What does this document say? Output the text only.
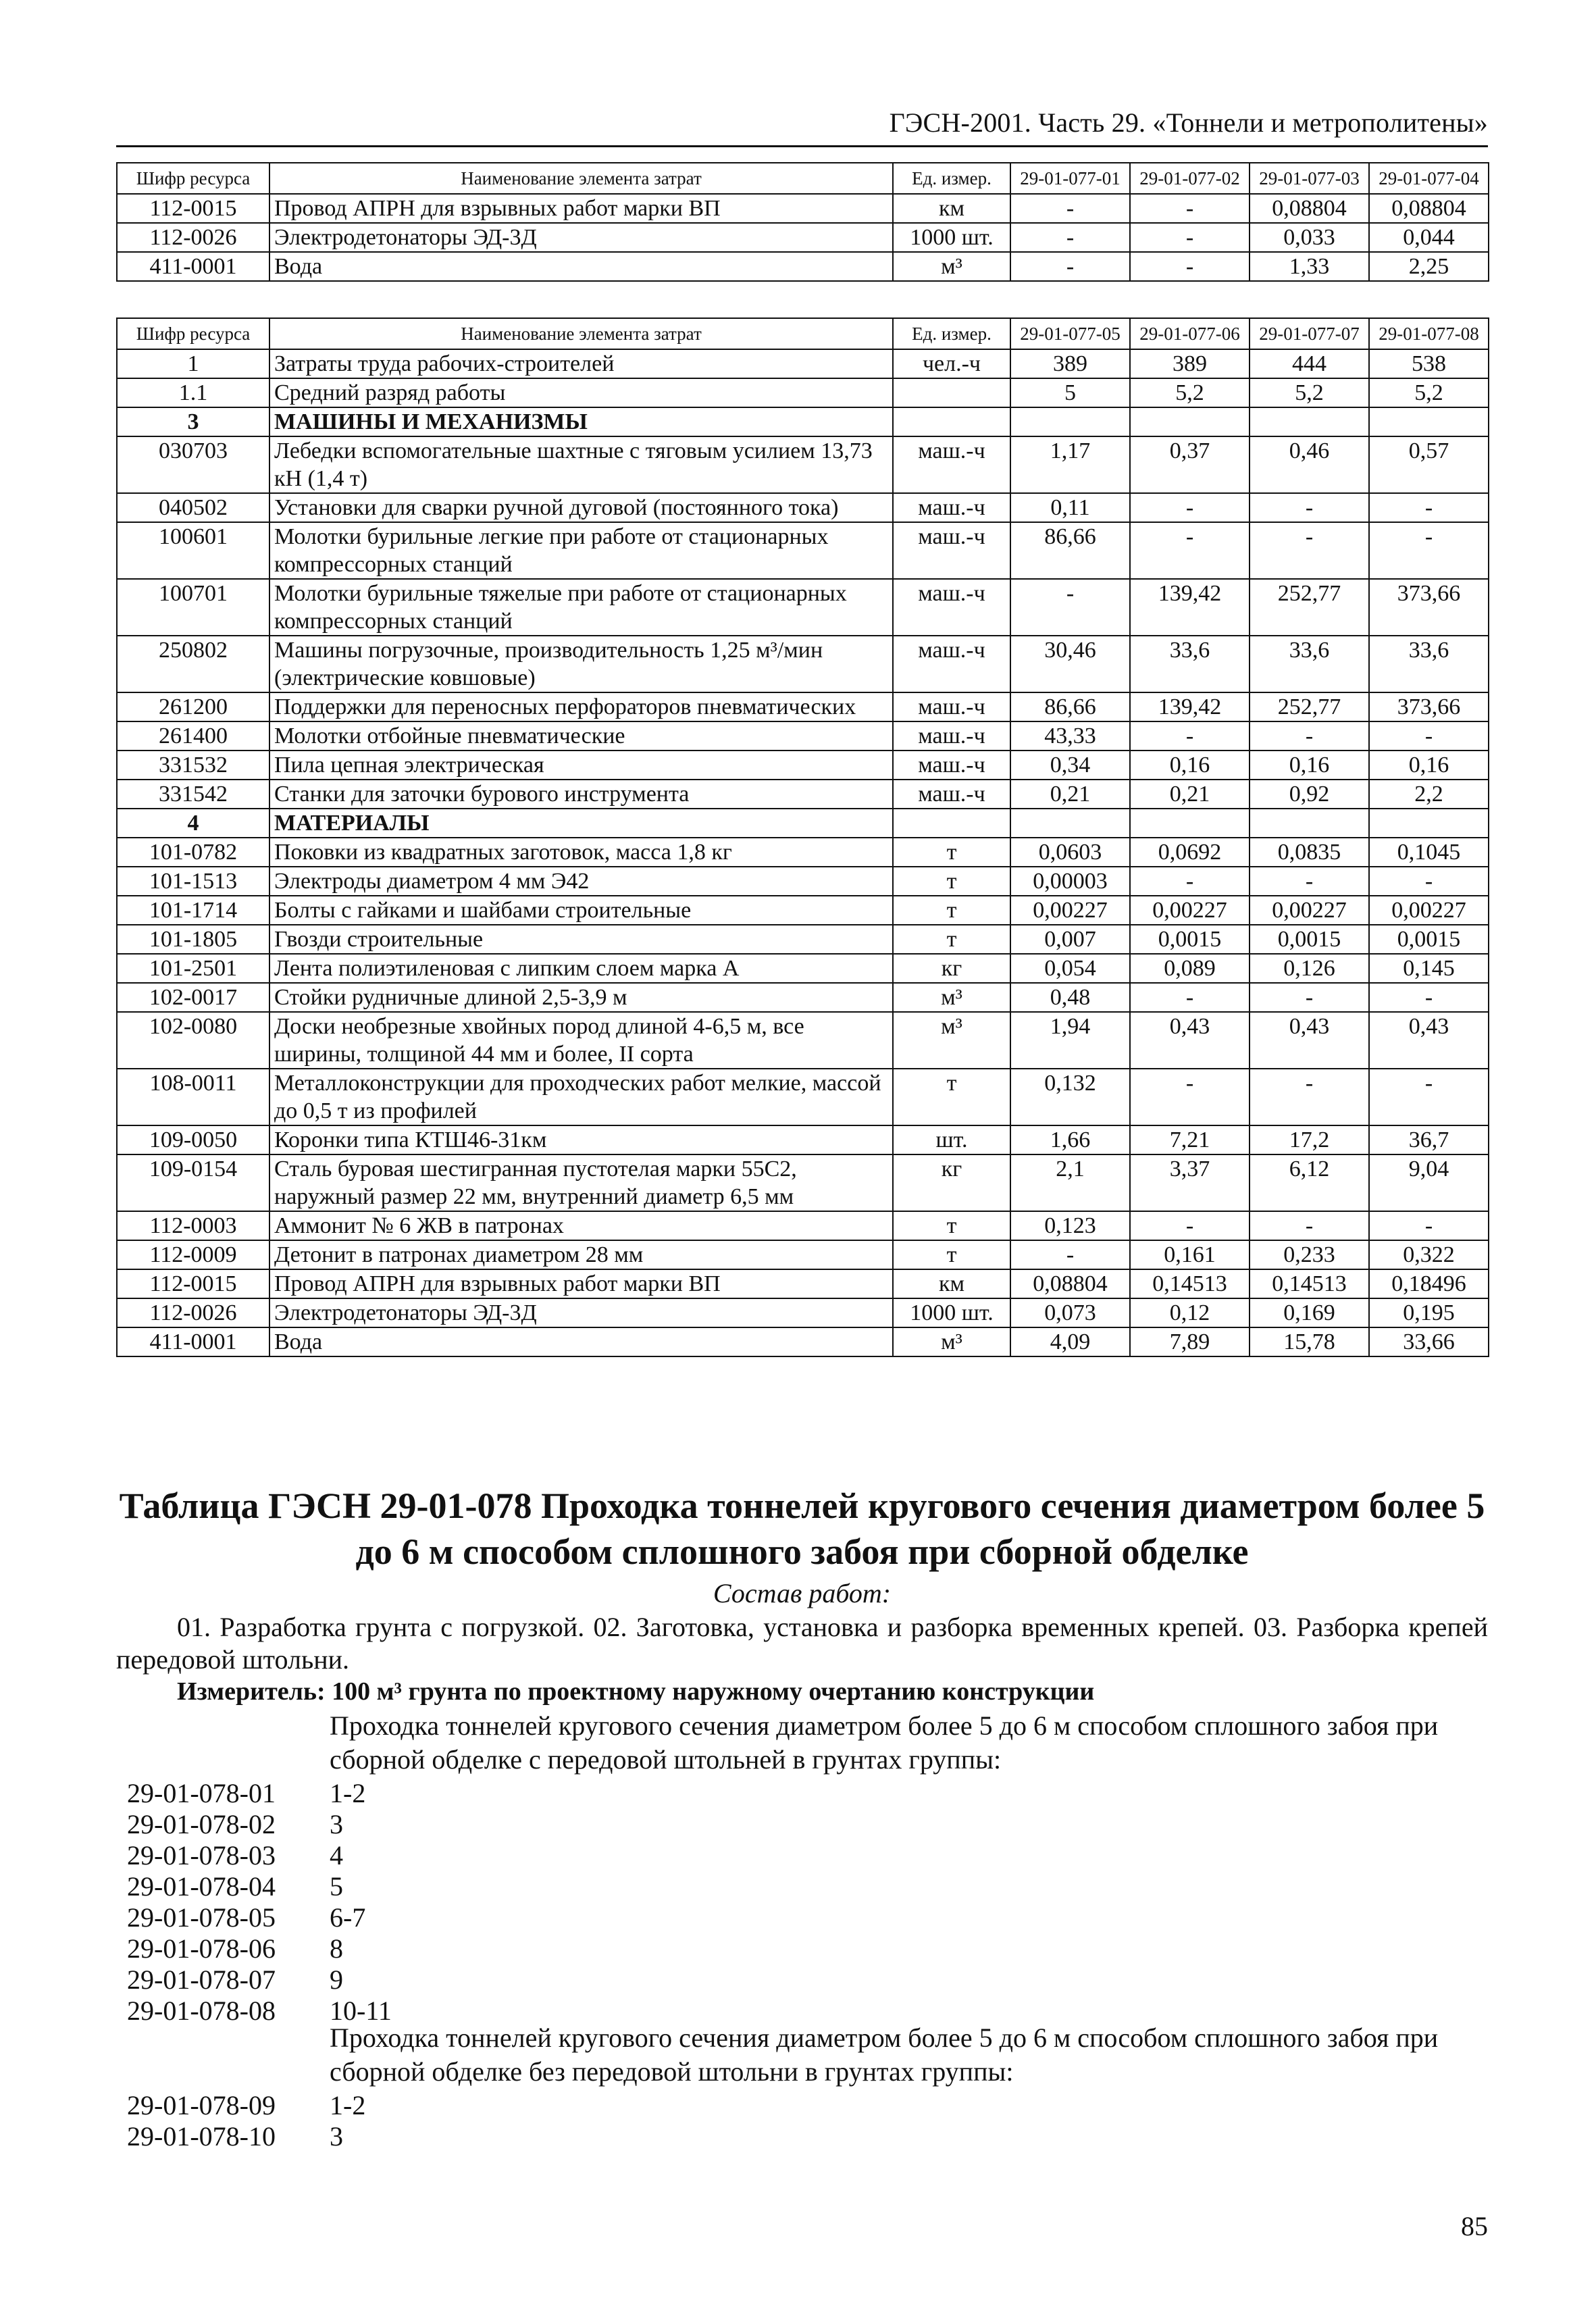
ГЭСН-2001. Часть 29. «Тоннели и метрополитены»
Шифр ресурса	Наименование элемента затрат	Ед. измер.	29-01-077-01	29-01-077-02	29-01-077-03	29-01-077-04
112-0015	Провод АПРН для взрывных работ марки ВП	км	-	-	0,08804	0,08804
112-0026	Электродетонаторы ЭД-3Д	1000 шт.	-	-	0,033	0,044
411-0001	Вода	м³	-	-	1,33	2,25
Шифр ресурса	Наименование элемента затрат	Ед. измер.	29-01-077-05	29-01-077-06	29-01-077-07	29-01-077-08
1	Затраты труда рабочих-строителей	чел.-ч	389	389	444	538
1.1	Средний разряд работы		5	5,2	5,2	5,2
3	МАШИНЫ И МЕХАНИЗМЫ					
030703	Лебедки вспомогательные шахтные с тяговым усилием 13,73 кН (1,4 т)	маш.-ч	1,17	0,37	0,46	0,57
040502	Установки для сварки ручной дуговой (постоянного тока)	маш.-ч	0,11	-	-	-
100601	Молотки бурильные легкие при работе от стационарных компрессорных станций	маш.-ч	86,66	-	-	-
100701	Молотки бурильные тяжелые при работе от стационарных компрессорных станций	маш.-ч	-	139,42	252,77	373,66
250802	Машины погрузочные, производительность 1,25 м³/мин (электрические ковшовые)	маш.-ч	30,46	33,6	33,6	33,6
261200	Поддержки для переносных перфораторов пневматических	маш.-ч	86,66	139,42	252,77	373,66
261400	Молотки отбойные пневматические	маш.-ч	43,33	-	-	-
331532	Пила цепная электрическая	маш.-ч	0,34	0,16	0,16	0,16
331542	Станки для заточки бурового инструмента	маш.-ч	0,21	0,21	0,92	2,2
4	МАТЕРИАЛЫ					
101-0782	Поковки из квадратных заготовок, масса 1,8 кг	т	0,0603	0,0692	0,0835	0,1045
101-1513	Электроды диаметром 4 мм Э42	т	0,00003	-	-	-
101-1714	Болты с гайками и шайбами строительные	т	0,00227	0,00227	0,00227	0,00227
101-1805	Гвозди строительные	т	0,007	0,0015	0,0015	0,0015
101-2501	Лента полиэтиленовая с липким слоем марка А	кг	0,054	0,089	0,126	0,145
102-0017	Стойки рудничные длиной 2,5-3,9 м	м³	0,48	-	-	-
102-0080	Доски необрезные хвойных пород длиной 4-6,5 м, все ширины, толщиной 44 мм и более, II сорта	м³	1,94	0,43	0,43	0,43
108-0011	Металлоконструкции для проходческих работ мелкие, массой до 0,5 т из профилей	т	0,132	-	-	-
109-0050	Коронки типа КТШ46-31км	шт.	1,66	7,21	17,2	36,7
109-0154	Сталь буровая шестигранная пустотелая марки 55С2, наружный размер 22 мм, внутренний диаметр 6,5 мм	кг	2,1	3,37	6,12	9,04
112-0003	Аммонит № 6 ЖВ в патронах	т	0,123	-	-	-
112-0009	Детонит в патронах диаметром 28 мм	т	-	0,161	0,233	0,322
112-0015	Провод АПРН для взрывных работ марки ВП	км	0,08804	0,14513	0,14513	0,18496
112-0026	Электродетонаторы ЭД-3Д	1000 шт.	0,073	0,12	0,169	0,195
411-0001	Вода	м³	4,09	7,89	15,78	33,66
Таблица ГЭСН 29-01-078 Проходка тоннелей кругового сечения диаметром более 5 до 6 м способом сплошного забоя при сборной обделке
Состав работ:
01. Разработка грунта с погрузкой. 02. Заготовка, установка и разборка временных крепей. 03. Разборка крепей передовой штольни.
Измеритель: 100 м³ грунта по проектному наружному очертанию конструкции
Проходка тоннелей кругового сечения диаметром более 5 до 6 м способом сплошного забоя при сборной обделке с передовой штольней в грунтах группы:
29-01-078-01	1-2
29-01-078-02	3
29-01-078-03	4
29-01-078-04	5
29-01-078-05	6-7
29-01-078-06	8
29-01-078-07	9
29-01-078-08	10-11
Проходка тоннелей кругового сечения диаметром более 5 до 6 м способом сплошного забоя при сборной обделке без передовой штольни в грунтах группы:
29-01-078-09	1-2
29-01-078-10	3
85
